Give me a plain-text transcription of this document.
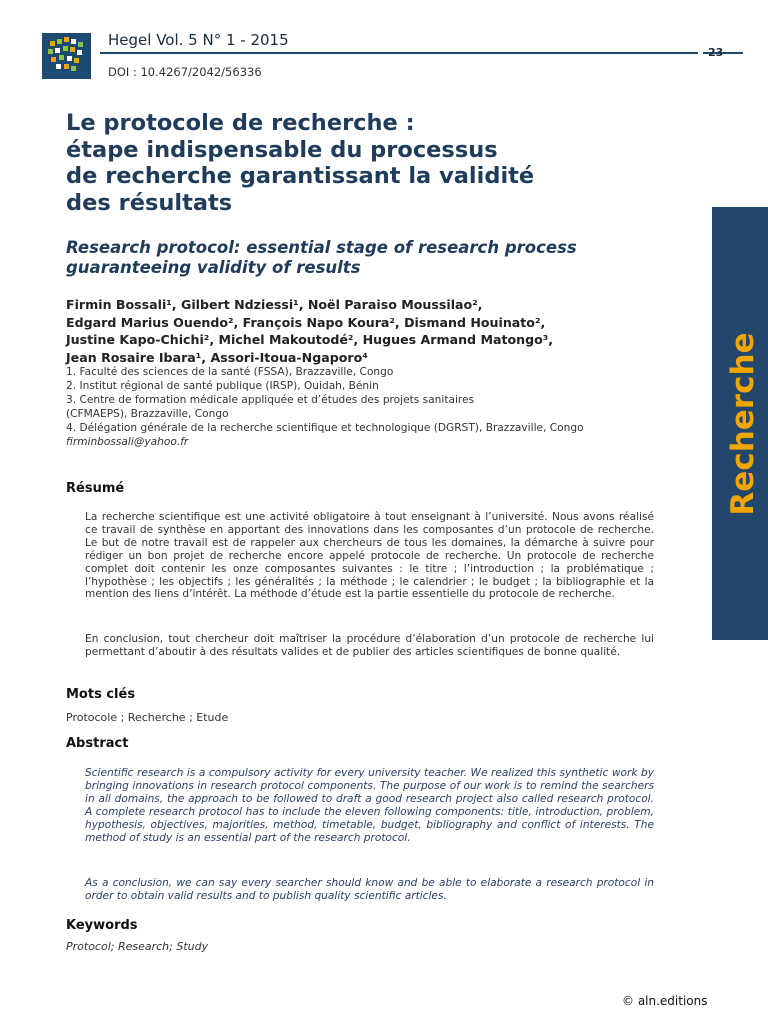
Hegel Vol. 5 N° 1 - 2015
23
DOI : 10.4267/2042/56336
Recherche
Le protocole de recherche :
étape indispensable du processus
de recherche garantissant la validité
des résultats
Research protocol: essential stage of research process
guaranteeing validity of results
Firmin Bossali¹, Gilbert Ndziessi¹, Noël Paraiso Moussilao²,
Edgard Marius Ouendo², François Napo Koura², Dismand Houinato²,
Justine Kapo-Chichi², Michel Makoutodé², Hugues Armand Matongo³,
Jean Rosaire Ibara¹, Assori-Itoua-Ngaporo⁴
1. Faculté des sciences de la santé (FSSA), Brazzaville, Congo
2. Institut régional de santé publique (IRSP), Ouidah, Bénin
3. Centre de formation médicale appliquée et d’études des projets sanitaires
(CFMAEPS), Brazzaville, Congo
4. Délégation générale de la recherche scientifique et technologique (DGRST), Brazzaville, Congo
firminbossali@yahoo.fr
Résumé
La recherche scientifique est une activité obligatoire à tout enseignant à l’université. Nous avons réalisé ce travail de synthèse en apportant des innovations dans les composantes d’un protocole de recherche. Le but de notre travail est de rappeler aux chercheurs de tous les domaines, la démarche à suivre pour rédiger un bon projet de recherche encore appelé protocole de recherche. Un protocole de recherche complet doit contenir les onze composantes suivantes : le titre ; l’introduction ; la problématique ; l’hypothèse ; les objectifs ; les généralités ; la méthode ; le calendrier ; le budget ; la bibliographie et la mention des liens d’intérêt. La méthode d’étude est la partie essentielle du protocole de recherche.
En conclusion, tout chercheur doit maîtriser la procédure d’élaboration d’un protocole de recherche lui permettant d’aboutir à des résultats valides et de publier des articles scientifiques de bonne qualité.
Mots clés
Protocole ; Recherche ; Etude
Abstract
Scientific research is a compulsory activity for every university teacher. We realized this synthetic work by bringing innovations in research protocol components. The purpose of our work is to remind the searchers in all domains, the approach to be followed to draft a good research project also called research protocol. A complete research protocol has to include the eleven following components: title, introduction, problem, hypothesis, objectives, majorities, method, timetable, budget, bibliography and conflict of interests. The method of study is an essential part of the research protocol.
As a conclusion, we can say every searcher should know and be able to elaborate a research protocol in order to obtain valid results and to publish quality scientific articles.
Keywords
Protocol; Research; Study
© aln.editions
